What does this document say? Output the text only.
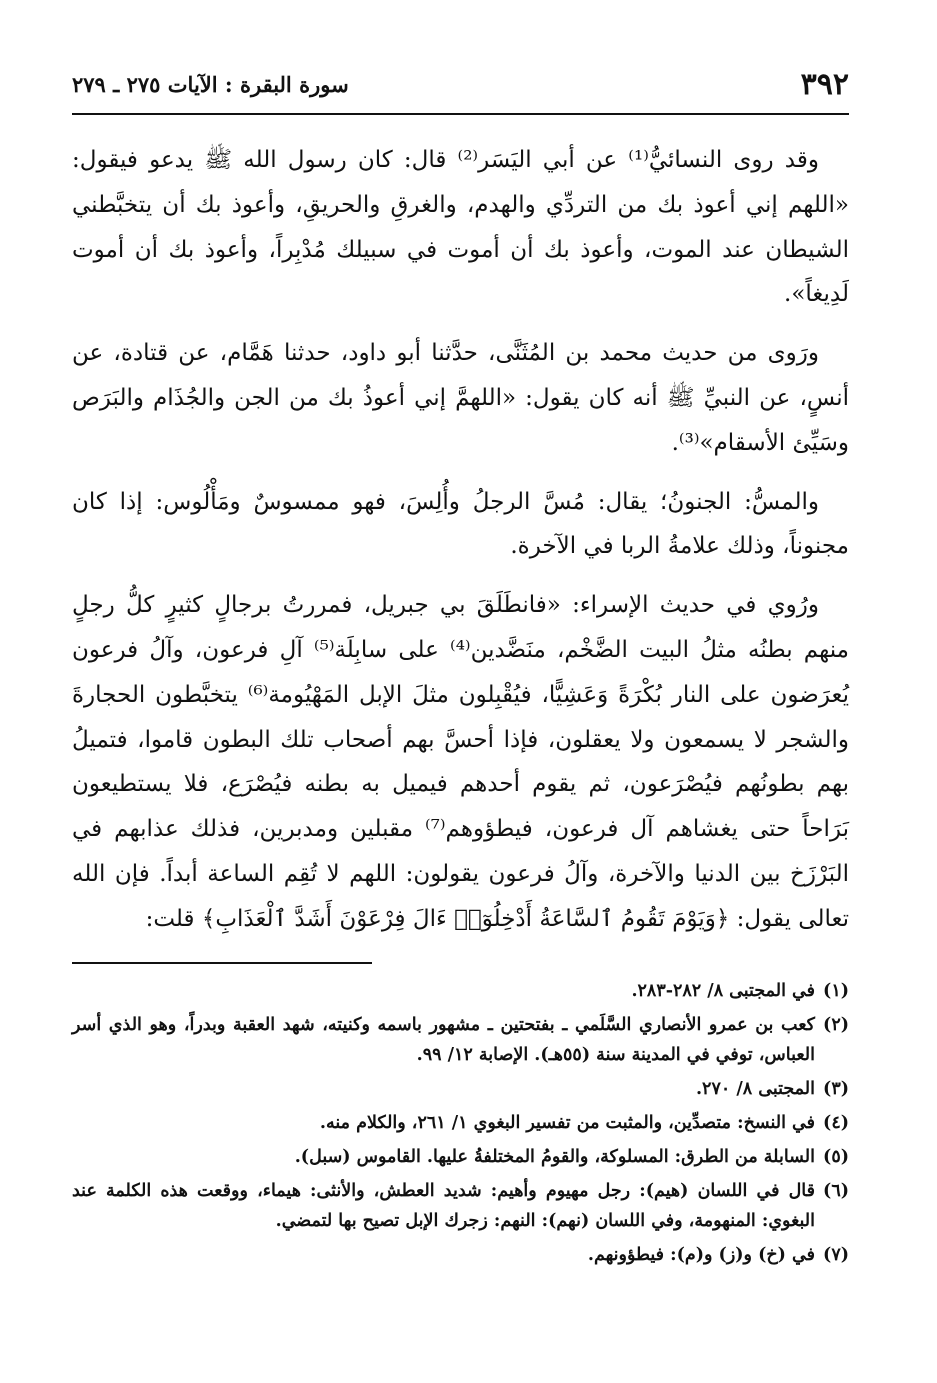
٣٩٢
سورة البقرة : الآيات ٢٧٥ ـ ٢٧٩

وقد روى النسائيُّ⁽¹⁾ عن أبي اليَسَر⁽²⁾ قال: كان رسول الله ﷺ يدعو فيقول: «اللهم إني أعوذ بك من التردِّي والهدم، والغرقِ والحريقِ، وأعوذ بك أن يتخبَّطني الشيطان عند الموت، وأعوذ بك أن أموت في سبيلك مُدْبِراً، وأعوذ بك أن أموت لَدِيغاً».

ورَوى من حديث محمد بن المُثَنَّى، حدَّثنا أبو داود، حدثنا هَمَّام، عن قتادة، عن أنسٍ، عن النبيِّ ﷺ أنه كان يقول: «اللهمَّ إني أعوذُ بك من الجن والجُذَام والبَرَص وسَيِّئ الأسقام»⁽³⁾.

والمسُّ: الجنونُ؛ يقال: مُسَّ الرجلُ وأُلِسَ، فهو ممسوسٌ ومَأْلُوس: إذا كان مجنوناً، وذلك علامةُ الربا في الآخرة.

ورُوي في حديث الإسراء: «فانطَلَقَ بي جبريل، فمررتُ برجالٍ كثيرٍ كلُّ رجلٍ منهم بطنُه مثلُ البيت الضَّخْم، منَضَّدين⁽⁴⁾ على سابِلَة⁽⁵⁾ آلِ فرعون، وآلُ فرعون يُعرَضون على النار بُكْرَةً وَعَشِيًّا، فيُقْبِلون مثلَ الإبل المَهْيُومة⁽⁶⁾ يتخبَّطون الحجارةَ والشجر لا يسمعون ولا يعقلون، فإذا أحسَّ بهم أصحاب تلك البطون قاموا، فتميلُ بهم بطونُهم فيُصْرَعون، ثم يقوم أحدهم فيميل به بطنه فيُصْرَع، فلا يستطيعون بَرَاحاً حتى يغشاهم آل فرعون، فيطؤوهم⁽⁷⁾ مقبلين ومدبرين، فذلك عذابهم في البَرْزَخ بين الدنيا والآخرة، وآلُ فرعون يقولون: اللهم لا تُقِم الساعة أبداً. فإن الله تعالى يقول: ﴿وَيَوْمَ تَقُومُ ٱلسَّاعَةُ أَدْخِلُوٓا۟ ءَالَ فِرْعَوْنَ أَشَدَّ ٱلْعَذَابِ﴾ قلت:

(١)
في المجتبى ٨/ ٢٨٢-٢٨٣.
(٢)
كعب بن عمرو الأنصاري السَّلَمي ـ بفتحتين ـ مشهور باسمه وكنيته، شهد العقبة وبدراً، وهو الذي أسر العباس، توفي في المدينة سنة (٥٥هـ). الإصابة ١٢/ ٩٩.
(٣)
المجتبى ٨/ ٢٧٠.
(٤)
في النسخ: متصدِّين، والمثبت من تفسير البغوي ١/ ٢٦١، والكلام منه.
(٥)
السابلة من الطرق: المسلوكة، والقومُ المختلفةُ عليها. القاموس (سبل).
(٦)
قال في اللسان (هيم): رجل مهيوم وأهيم: شديد العطش، والأنثى: هيماء، ووقعت هذه الكلمة عند البغوي: المنهومة، وفي اللسان (نهم): النهم: زجرك الإبل تصيح بها لتمضي.
(٧)
في (خ) و(ز) و(م): فيطؤونهم.
